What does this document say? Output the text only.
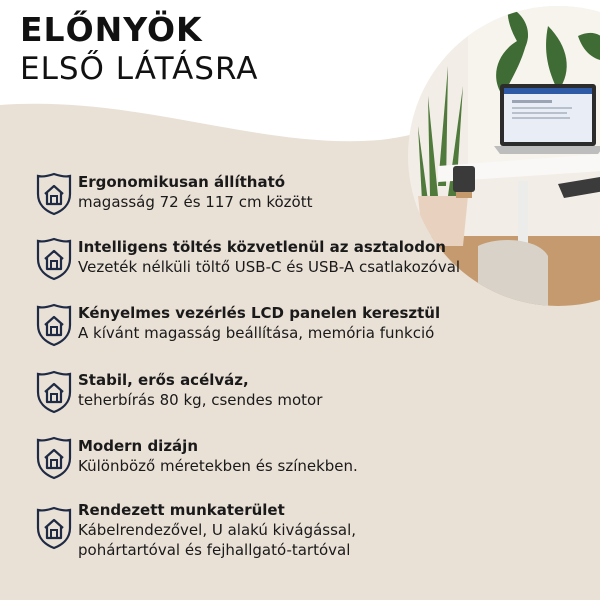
ELŐNYÖK
ELSŐ LÁTÁSRA
Ergonomikusan állítható
magasság 72 és 117 cm között
Intelligens töltés közvetlenül az asztalodon
Vezeték nélküli töltő USB-C és USB-A csatlakozóval
Kényelmes vezérlés LCD panelen keresztül
A kívánt magasság beállítása, memória funkció
Stabil, erős acélváz,
teherbírás 80 kg, csendes motor
Modern dizájn
Különböző méretekben és színekben.
Rendezett munkaterület
Kábelrendezővel, U alakú kivágással,
pohártartóval és fejhallgató-tartóval
